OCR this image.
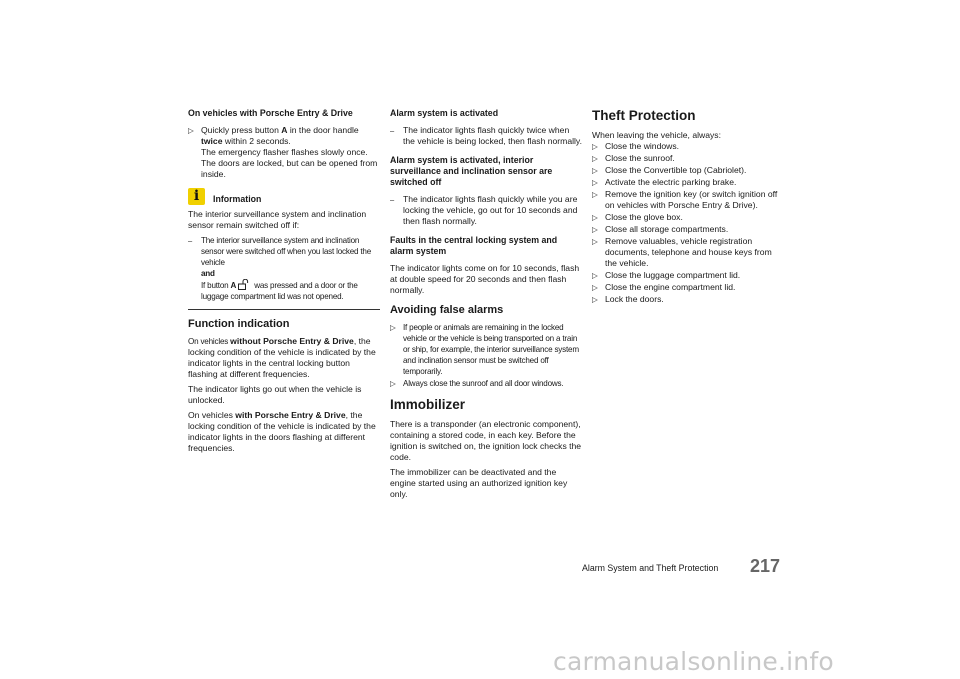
On vehicles with Porsche Entry & Drive
▷ Quickly press button A in the door handle
twice within 2 seconds.
The emergency flasher flashes slowly once.
The doors are locked, but can be opened from inside.
i	Information

The interior surveillance system and inclination sensor remain switched off if:

– The interior surveillance system and inclination sensor were switched off when you last locked the vehicle
and
If button A was pressed and a door or the luggage compartment lid was not opened.
Function indication

On vehicles without Porsche Entry & Drive, the locking condition of the vehicle is indicated by the indicator lights in the central locking button flashing at different frequencies.

The indicator lights go out when the vehicle is unlocked.

On vehicles with Porsche Entry & Drive, the locking condition of the vehicle is indicated by the indicator lights in the doors flashing at different frequencies.

Alarm system is activated
– The indicator lights flash quickly twice when the vehicle is being locked, then flash normally.
Alarm system is activated, interior surveillance and inclination sensor are switched off
– The indicator lights flash quickly while you are locking the vehicle, go out for 10 seconds and then flash normally.
Faults in the central locking system and alarm system

The indicator lights come on for 10 seconds, flash at double speed for 20 seconds and then flash normally.

Avoiding false alarms
▷ If people or animals are remaining in the locked vehicle or the vehicle is being transported on a train or ship, for example, the interior surveillance system and inclination sensor must be switched off temporarily.
▷ Always close the sunroof and all door windows.
Immobilizer

There is a transponder (an electronic component), containing a stored code, in each key. Before the ignition is switched on, the ignition lock checks the code.

The immobilizer can be deactivated and the engine started using an authorized ignition key only.

Theft Protection

When leaving the vehicle, always:

▷ Close the windows.
▷ Close the sunroof.
▷ Close the Convertible top (Cabriolet).
▷ Activate the electric parking brake.
▷ Remove the ignition key (or switch ignition off on vehicles with Porsche Entry & Drive).
▷ Close the glove box.
▷ Close all storage compartments.
▷ Remove valuables, vehicle registration documents, telephone and house keys from the vehicle.
▷ Close the luggage compartment lid.
▷ Close the engine compartment lid.
▷ Lock the doors.
Alarm System and Theft Protection 217
carmanualsonline.info
